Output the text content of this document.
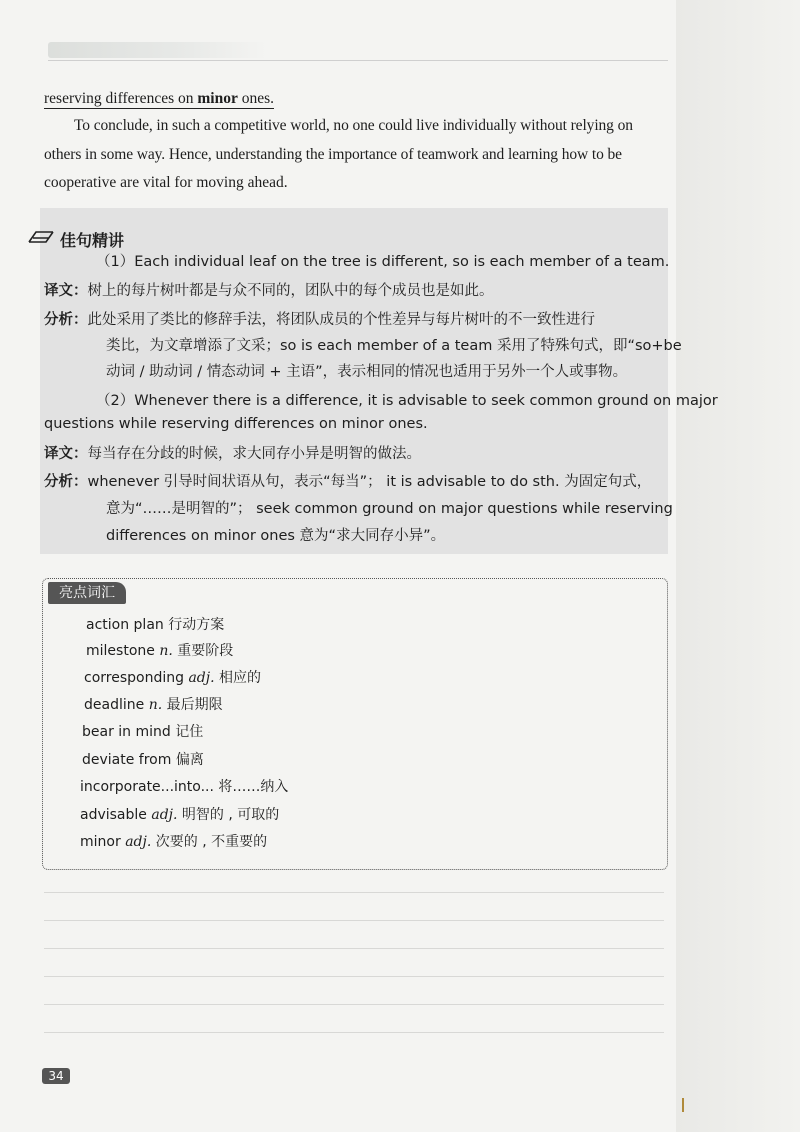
reserving differences on minor ones.
To conclude, in such a competitive world, no one could live individually without relying on
others in some way. Hence, understanding the importance of teamwork and learning how to be
cooperative are vital for moving ahead.
佳句精讲
（1）Each individual leaf on the tree is different, so is each member of a team.
译文：树上的每片树叶都是与众不同的，团队中的每个成员也是如此。
分析：此处采用了类比的修辞手法，将团队成员的个性差异与每片树叶的不一致性进行
类比，为文章增添了文采；so is each member of a team 采用了特殊句式，即“so+be
动词 / 助动词 / 情态动词 + 主语”，表示相同的情况也适用于另外一个人或事物。
（2）Whenever there is a difference, it is advisable to seek common ground on major
questions while reserving differences on minor ones.
译文：每当存在分歧的时候，求大同存小异是明智的做法。
分析：whenever 引导时间状语从句，表示“每当”； it is advisable to do sth. 为固定句式，
意为“……是明智的”； seek common ground on major questions while reserving
differences on minor ones 意为“求大同存小异”。
亮点词汇
action plan 行动方案
milestone n. 重要阶段
corresponding adj. 相应的
deadline n. 最后期限
bear in mind 记住
deviate from 偏离
incorporate...into... 将……纳入
advisable adj. 明智的 , 可取的
minor adj. 次要的 , 不重要的
34
